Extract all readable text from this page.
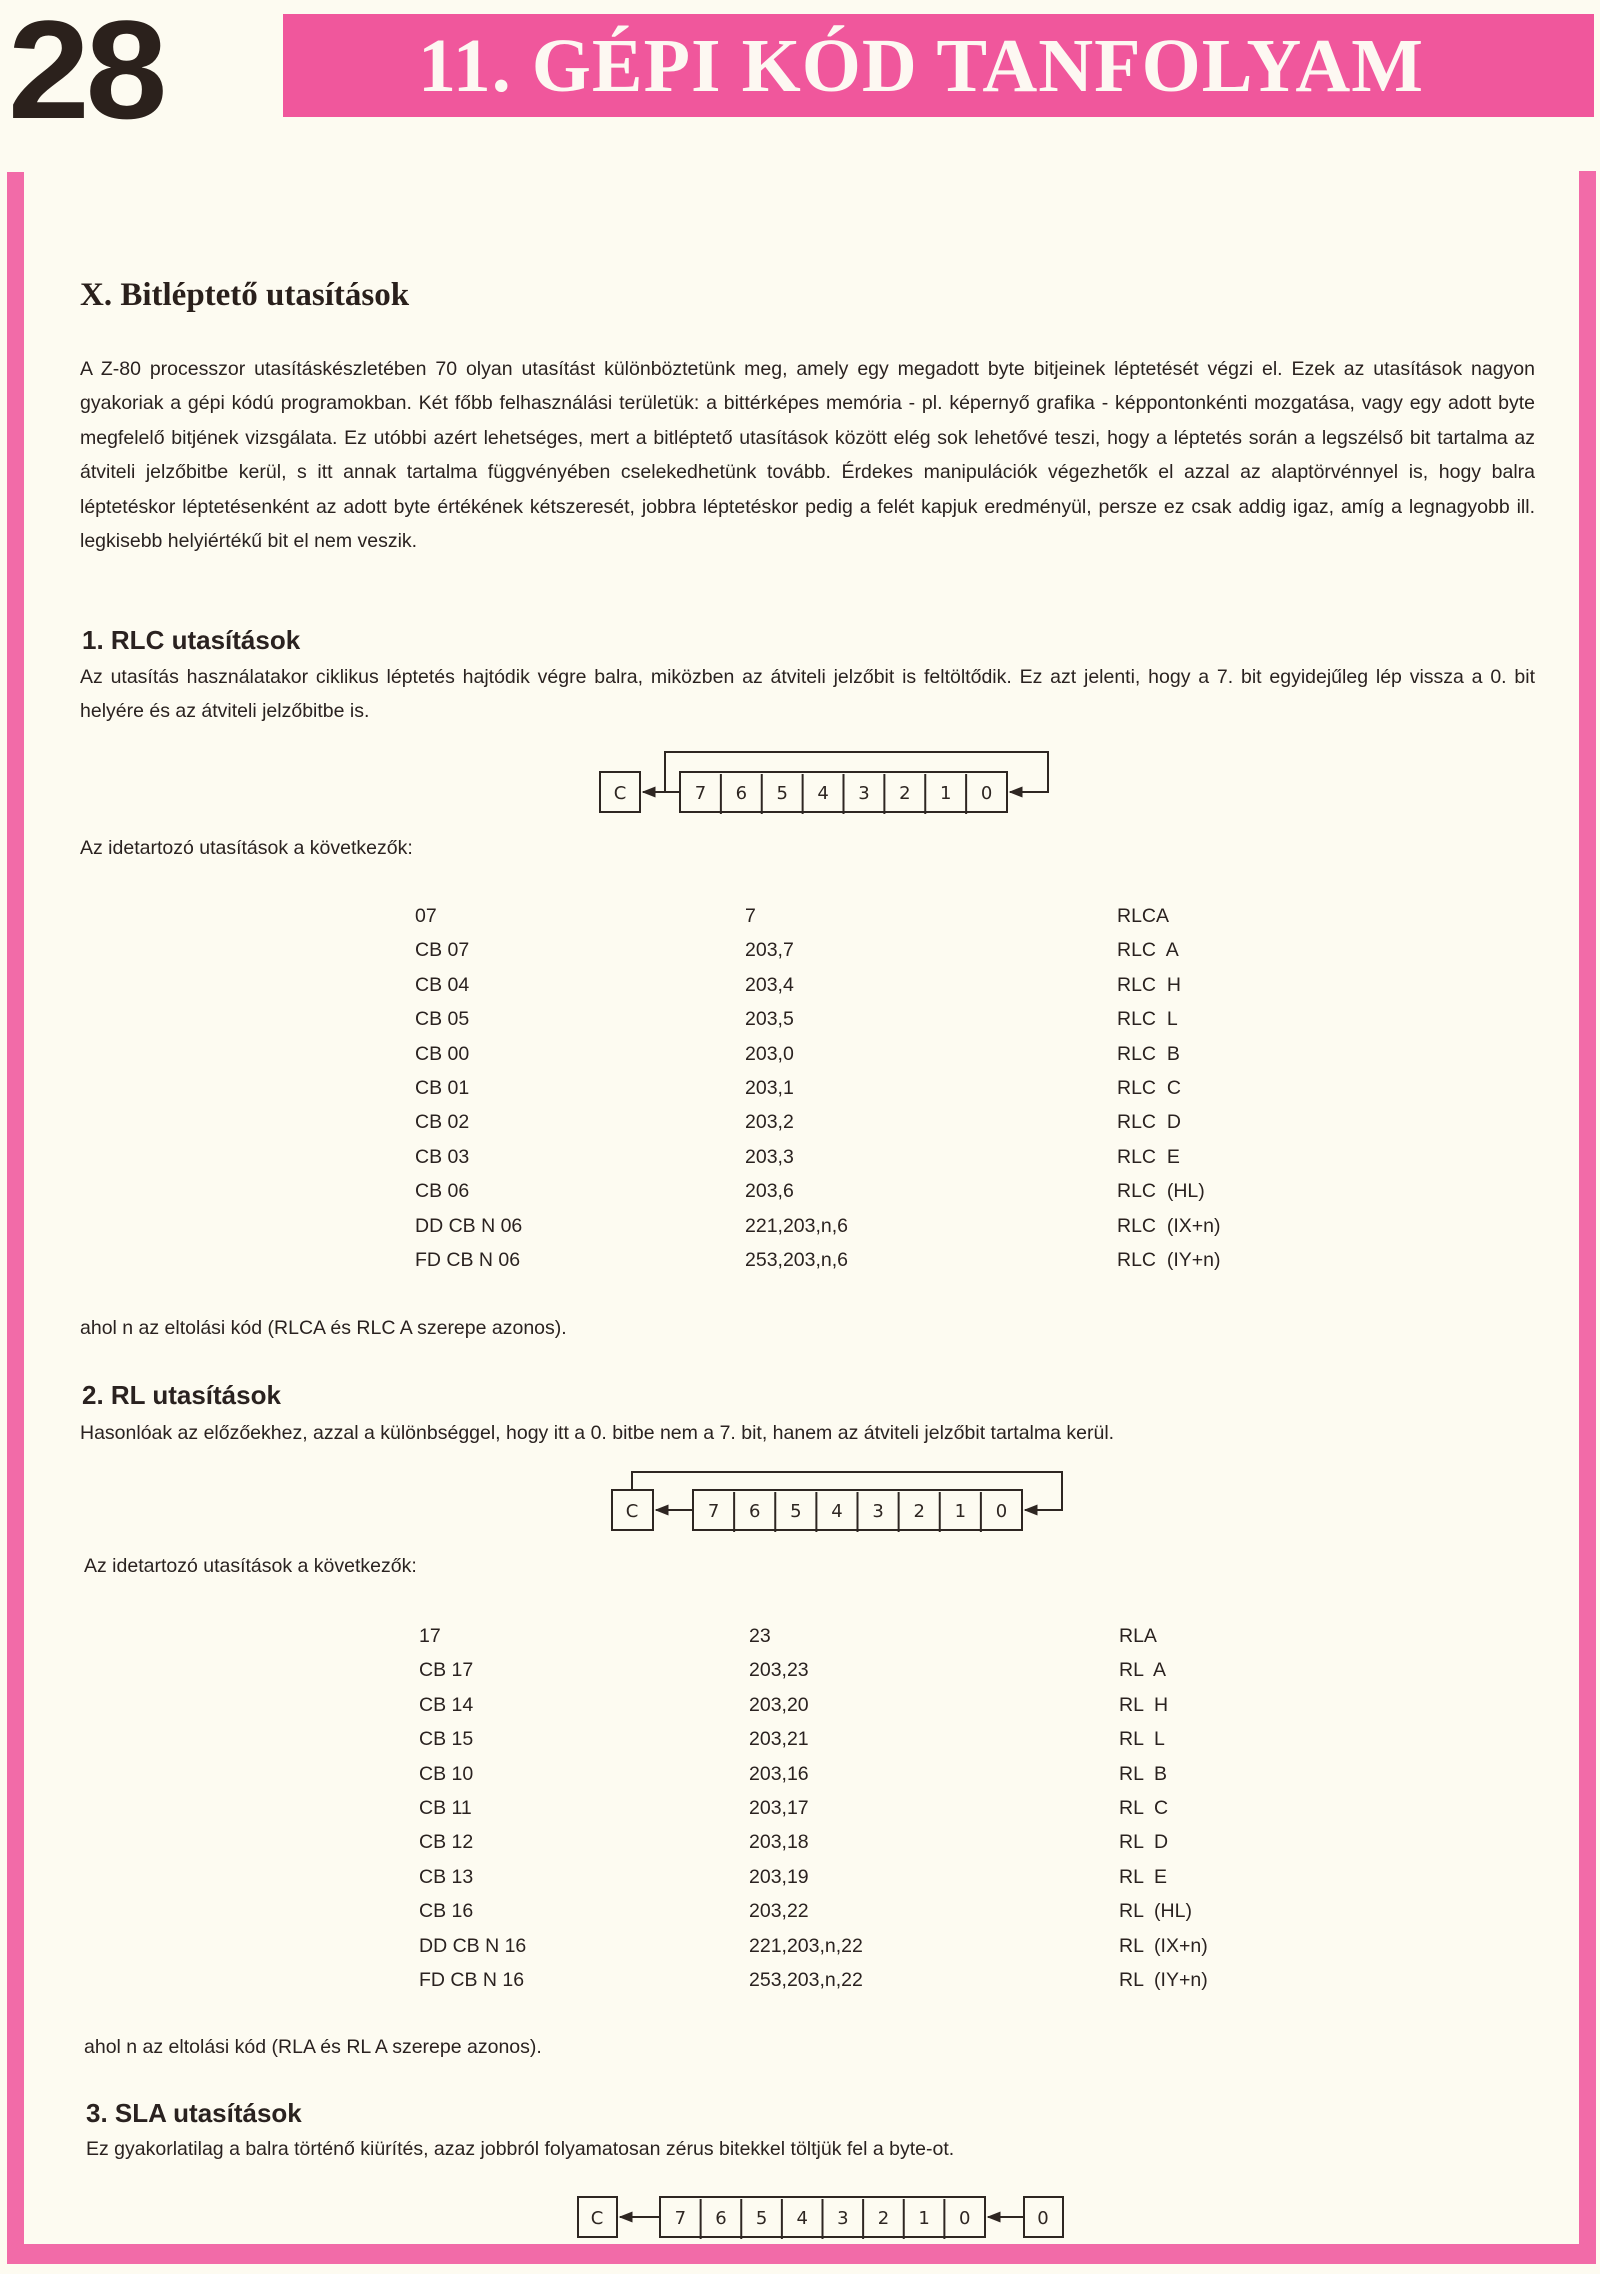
28	11. GÉPI KÓD TANFOLYAM
X. Bitléptető utasítások
A Z-80 processzor utasításkészletében 70 olyan utasítást különböztetünk meg, amely egy megadott byte bitjeinek léptetését végzi el. Ezek az utasítások nagyon gyakoriak a gépi kódú programokban. Két főbb felhasználási területük: a bittérképes memória - pl. képernyő grafika - képpontonkénti mozgatása, vagy egy adott byte megfelelő bitjének vizsgálata. Ez utóbbi azért lehetséges, mert a bitléptető utasítások között elég sok lehetővé teszi, hogy a léptetés során a legszélső bit tartalma az átviteli jelzőbitbe kerül, s itt annak tartalma függvényében cselekedhetünk tovább. Érdekes manipulációk végezhetők el azzal az alaptörvénnyel is, hogy balra léptetéskor léptetésenként az adott byte értékének kétszeresét, jobbra léptetéskor pedig a felét kapjuk eredményül, persze ez csak addig igaz, amíg a legnagyobb ill. legkisebb helyiértékű bit el nem veszik.
1. RLC utasítások
Az utasítás használatakor ciklikus léptetés hajtódik végre balra, miközben az átviteli jelzőbit is feltöltődik. Ez azt jelenti, hogy a 7. bit egyidejűleg lép vissza a 0. bit helyére és az átviteli jelzőbitbe is.
C	7 6 5 4 3 2 1 0
C	7 6 5 4 3 2 1 0
C	7 6 5 4 3 2 1 0	0
Az idetartozó utasítások a következők:
07	7	RLCA
CB 07	203,7	RLC  A
CB 04	203,4	RLC  H
CB 05	203,5	RLC  L
CB 00	203,0	RLC  B
CB 01	203,1	RLC  C
CB 02	203,2	RLC  D
CB 03	203,3	RLC  E
CB 06	203,6	RLC  (HL)
DD CB N 06	221,203,n,6	RLC  (IX+n)
FD CB N 06	253,203,n,6	RLC  (IY+n)
ahol n az eltolási kód (RLCA és RLC A szerepe azonos).
2. RL utasítások
Hasonlóak az előzőekhez, azzal a különbséggel, hogy itt a 0. bitbe nem a 7. bit, hanem az átviteli jelzőbit tartalma kerül.
Az idetartozó utasítások a következők:
17	23	RLA
CB 17	203,23	RL  A
CB 14	203,20	RL  H
CB 15	203,21	RL  L
CB 10	203,16	RL  B
CB 11	203,17	RL  C
CB 12	203,18	RL  D
CB 13	203,19	RL  E
CB 16	203,22	RL  (HL)
DD CB N 16	221,203,n,22	RL  (IX+n)
FD CB N 16	253,203,n,22	RL  (IY+n)
ahol n az eltolási kód (RLA és RL A szerepe azonos).
3. SLA utasítások
Ez gyakorlatilag a balra történő kiürítés, azaz jobbról folyamatosan zérus bitekkel töltjük fel a byte-ot.
